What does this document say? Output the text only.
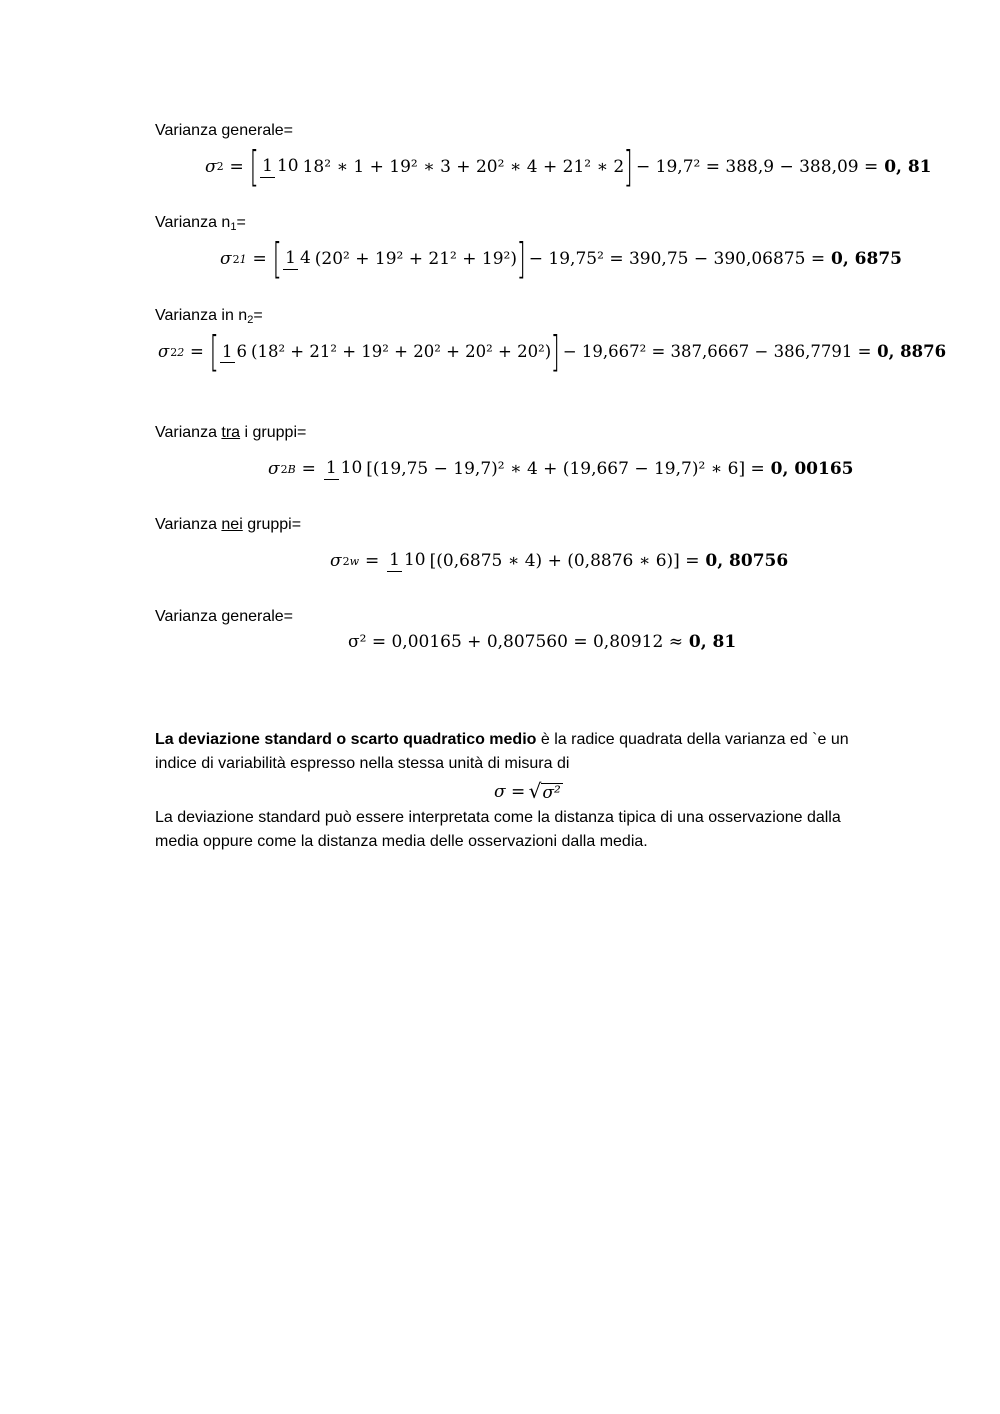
Varianza generale=
σ 2 = [ 1 10 18² ∗ 1 + 19² ∗ 3 + 20² ∗ 4 + 21² ∗ 2 ] − 19,7² = 388,9 − 388,09 = 0, 81
Varianza $n_1=$
σ 21 = [ 1 4 (20² + 19² + 21² + 19²) ] − 19,75² = 390,75 − 390,06875 = 0, 6875
Varianza in $n_2=$
σ 22 = [ 1 6 (18² + 21² + 19² + 20² + 20² + 20²) ] − 19,667² = 387,6667 − 386,7791 = 0, 8876
Varianza tra i gruppi=
σ 2B = 1 10 [(19,75 − 19,7)² ∗ 4 + (19,667 − 19,7)² ∗ 6] = 0, 00165
Varianza nei gruppi=
σ 2w = 1 10 [(0,6875 ∗ 4) + (0,8876 ∗ 6)] = 0, 80756
Varianza generale=
σ² = 0,00165 + 0,807560 = 0,80912 ≈ 0, 81
La deviazione standard o scarto quadratico medio è la radice quadrata della varianza ed `e un indice di variabilità espresso nella stessa unità di misura di
σ = √σ²
La deviazione standard può essere interpretata come la distanza tipica di una osservazione dalla media oppure come la distanza media delle osservazioni dalla media.
